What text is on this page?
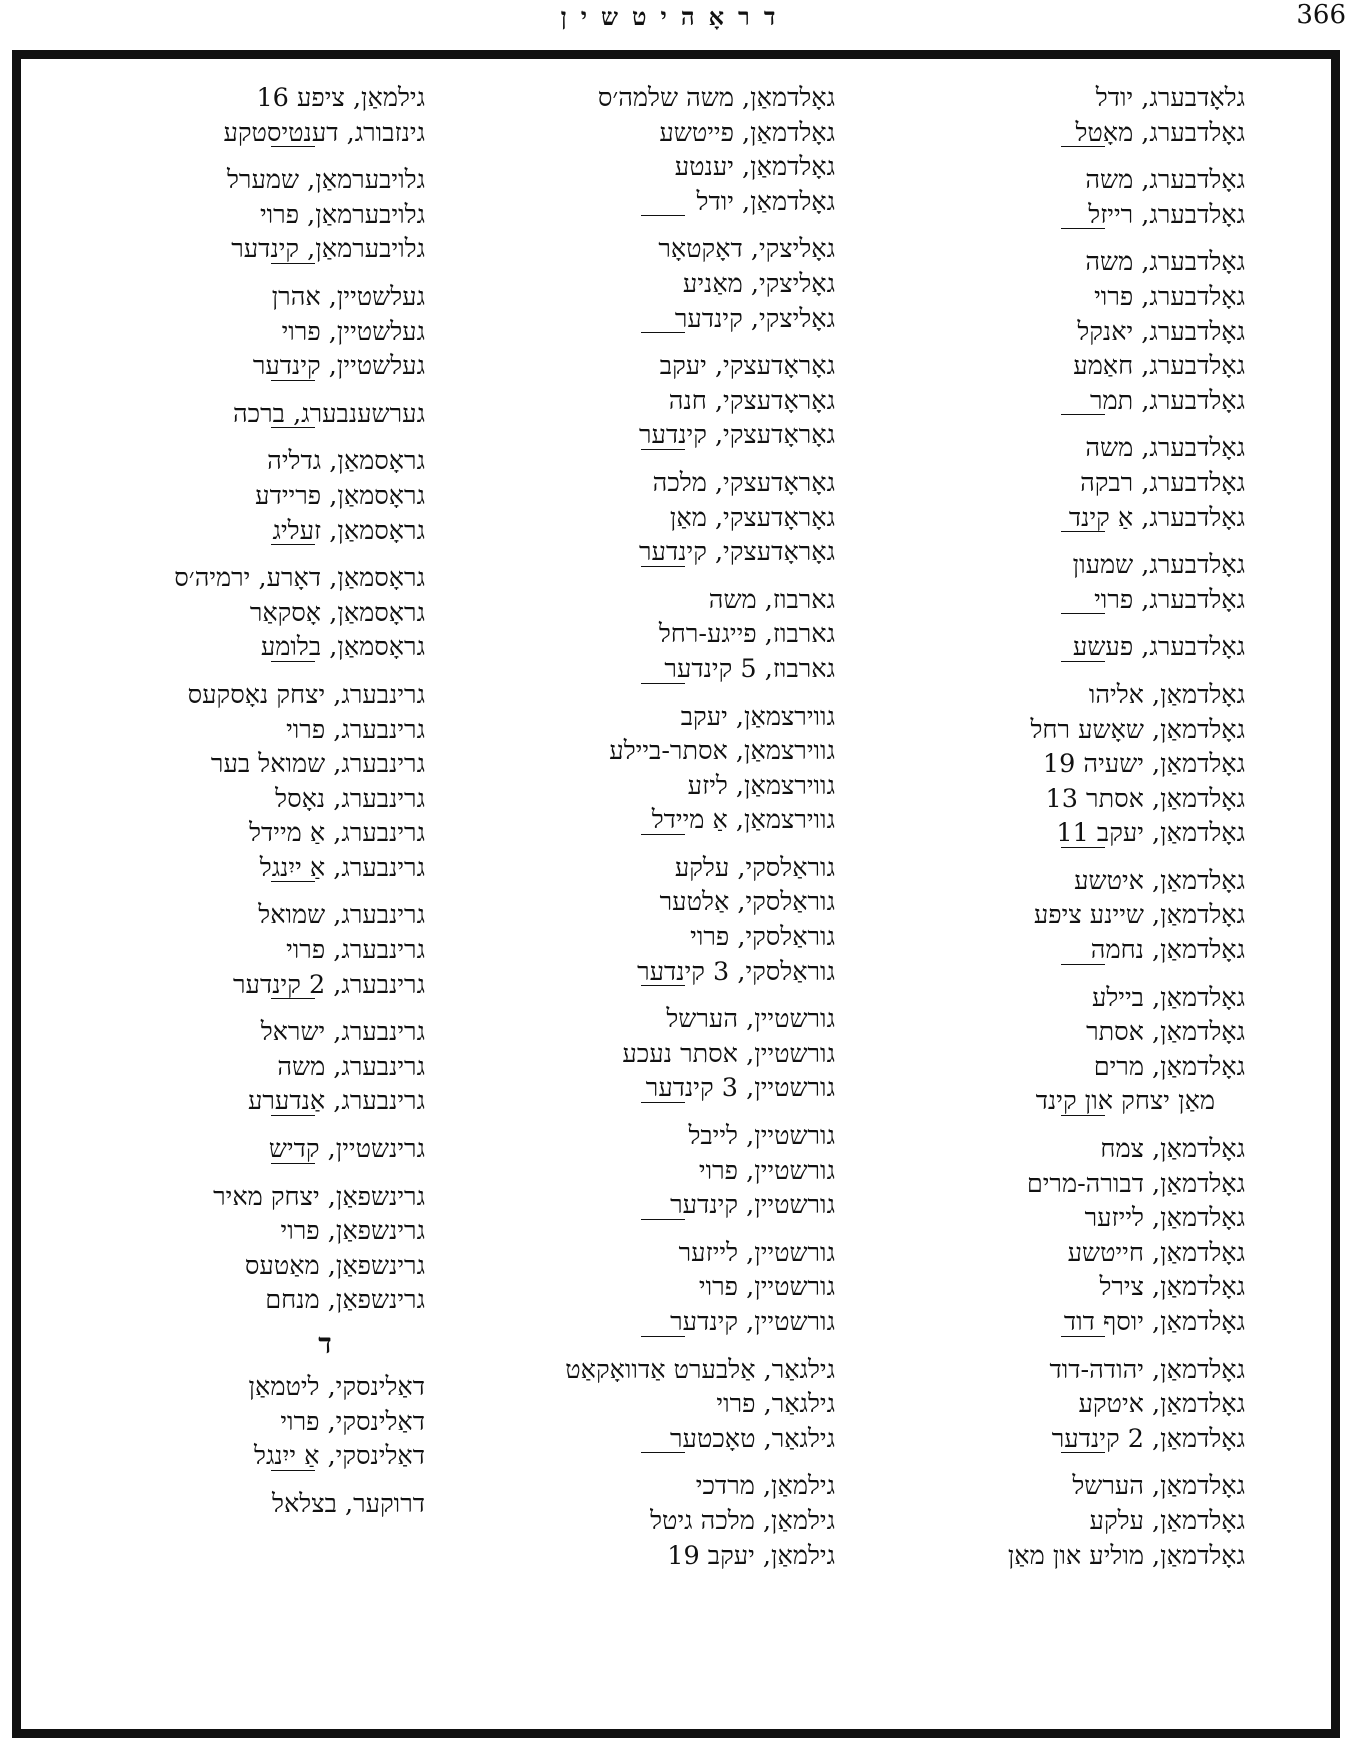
דראָהיטשין	366
גלאָדבערג, יודל
גאָלדבערג, מאָטל
גאָלדבערג, משה
גאָלדבערג, רייזל
גאָלדבערג, משה
גאָלדבערג, פרוי
גאָלדבערג, יאנקל
גאָלדבערג, חאַמע
גאָלדבערג, תמר
גאָלדבערג, משה
גאָלדבערג, רבקה
גאָלדבערג, אַ קינד
גאָלדבערג, שמעון
גאָלדבערג, פרוי
גאָלדבערג, פעשע
גאָלדמאַן, אליהו
גאָלדמאַן, שאָשע רחל
גאָלדמאַן, ישעיה 19
גאָלדמאַן, אסתר 13
גאָלדמאַן, יעקב 11
גאָלדמאַן, איטשע
גאָלדמאַן, שיינע ציפע
גאָלדמאַן, נחמה
גאָלדמאַן, ביילע
גאָלדמאַן, אסתר
גאָלדמאַן, מרים
מאַן יצחק און קינד
גאָלדמאַן, צמח
גאָלדמאַן, דבורה-מרים
גאָלדמאַן, לייזער
גאָלדמאַן, חייטשע
גאָלדמאַן, צירל
גאָלדמאַן, יוסף דוד
גאָלדמאַן, יהודה-דוד
גאָלדמאַן, איטקע
גאָלדמאַן, 2 קינדער
גאָלדמאַן, הערשל
גאָלדמאַן, עלקע
גאָלדמאַן, מוליע און מאַן
גאָלדמאַן, משה שלמה׳ס
גאָלדמאַן, פייטשע
גאָלדמאַן, יענטע
גאָלדמאַן, יודל
גאָליצקי, דאָקטאָר
גאָליצקי, מאַניע
גאָליצקי, קינדער
גאָראָדעצקי, יעקב
גאָראָדעצקי, חנה
גאָראָדעצקי, קינדער
גאָראָדעצקי, מלכה
גאָראָדעצקי, מאַן
גאָראָדעצקי, קינדער
גארבוז, משה
גארבוז, פייגע-רחל
גארבוז, 5 קינדער
גווירצמאַן, יעקב
גווירצמאַן, אסתר-ביילע
גווירצמאַן, ליזע
גווירצמאַן, אַ מיידל
גוראַלסקי, עלקע
גוראַלסקי, אַלטער
גוראַלסקי, פרוי
גוראַלסקי, 3 קינדער
גורשטיין, הערשל
גורשטיין, אסתר נעכע
גורשטיין, 3 קינדער
גורשטיין, לייבל
גורשטיין, פרוי
גורשטיין, קינדער
גורשטיין, לייזער
גורשטיין, פרוי
גורשטיין, קינדער
גילגאַר, אַלבערט אַדוואָקאַט
גילגאַר, פרוי
גילגאַר, טאָכטער
גילמאַן, מרדכי
גילמאַן, מלכה גיטל
גילמאַן, יעקב 19
גילמאַן, ציפע 16
גינזבורג, דענטיסטקע
גלויבערמאַן, שמערל
גלויבערמאַן, פרוי
גלויבערמאַן, קינדער
געלשטיין, אהרן
געלשטיין, פרוי
געלשטיין, קינדער
גערשענבערג, ברכה
גראָסמאַן, גדליה
גראָסמאַן, פריידע
גראָסמאַן, זעליג
גראָסמאַן, דאָרע, ירמיה׳ס
גראָסמאַן, אָסקאַר
גראָסמאַן, בלומע
גרינבערג, יצחק נאָסקעס
גרינבערג, פרוי
גרינבערג, שמואל בער
גרינבערג, נאָסל
גרינבערג, אַ מיידל
גרינבערג, אַ ייִנגל
גרינבערג, שמואל
גרינבערג, פרוי
גרינבערג, 2 קינדער
גרינבערג, ישראל
גרינבערג, משה
גרינבערג, אַנדערע
גרינשטיין, קדיש
גרינשפאַן, יצחק מאיר
גרינשפאַן, פרוי
גרינשפאַן, מאַטעס
גרינשפאַן, מנחם
ד
דאַלינסקי, ליטמאַן
דאַלינסקי, פרוי
דאַלינסקי, אַ ייִנגל
דרוקער, בצלאל
